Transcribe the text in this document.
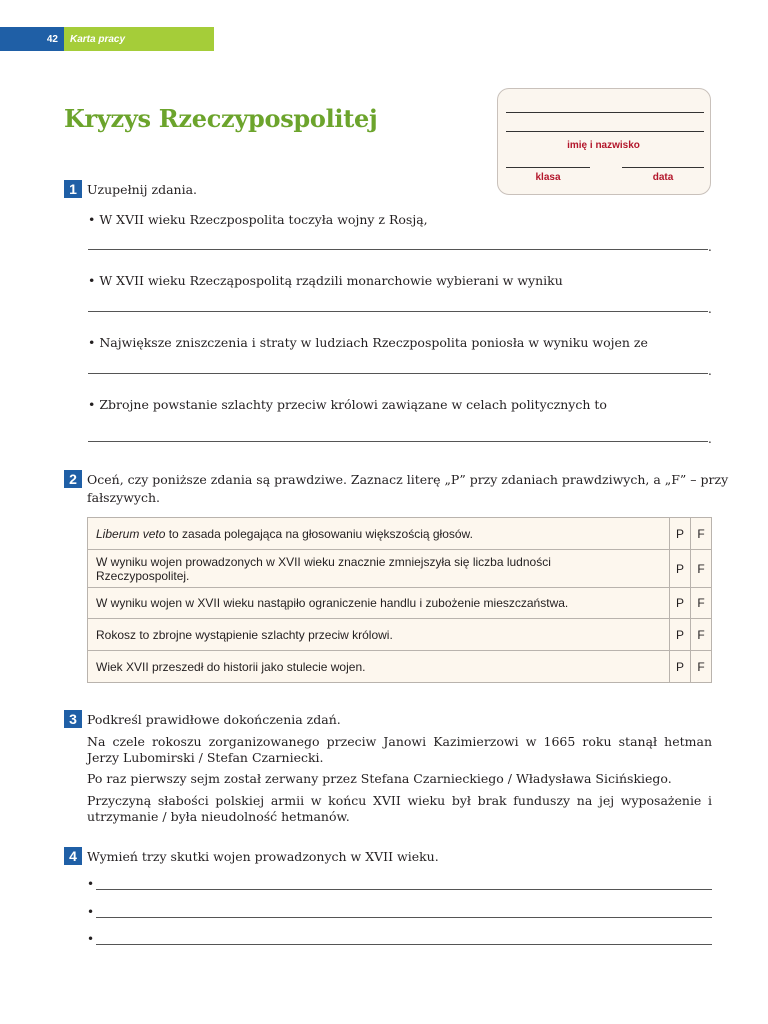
42	Karta pracy
Kryzys Rzeczypospolitej
imię i nazwisko
klasa	data
1 Uzupełnij zdania.
• W XVII wieku Rzeczpospolita toczyła wojny z Rosją,
.
• W XVII wieku Rzecząpospolitą rządzili monarchowie wybierani w wyniku
.
• Największe zniszczenia i straty w ludziach Rzeczpospolita poniosła w wyniku wojen ze
.
• Zbrojne powstanie szlachty przeciw królowi zawiązane w celach politycznych to
.
2 Oceń, czy poniższe zdania są prawdziwe. Zaznacz literę „P” przy zdaniach prawdziwych, a „F” – przy
fałszywych.
Liberum veto to zasada polegająca na głosowaniu większością głosów.	P	F
W wyniku wojen prowadzonych w XVII wieku znacznie zmniejszyła się liczba ludności Rzeczypospolitej.	P	F
W wyniku wojen w XVII wieku nastąpiło ograniczenie handlu i zubożenie mieszczaństwa.	P	F
Rokosz to zbrojne wystąpienie szlachty przeciw królowi.	P	F
Wiek XVII przeszedł do historii jako stulecie wojen.	P	F
3 Podkreśl prawidłowe dokończenia zdań.
Na czele rokoszu zorganizowanego przeciw Janowi Kazimierzowi w 1665 roku stanął hetman Jerzy Lubomirski / Stefan Czarniecki.
Po raz pierwszy sejm został zerwany przez Stefana Czarnieckiego / Władysława Sicińskiego.
Przyczyną słabości polskiej armii w końcu XVII wieku był brak funduszy na jej wyposażenie i utrzymanie / była nieudolność hetmanów.
4 Wymień trzy skutki wojen prowadzonych w XVII wieku.
•
•
•
